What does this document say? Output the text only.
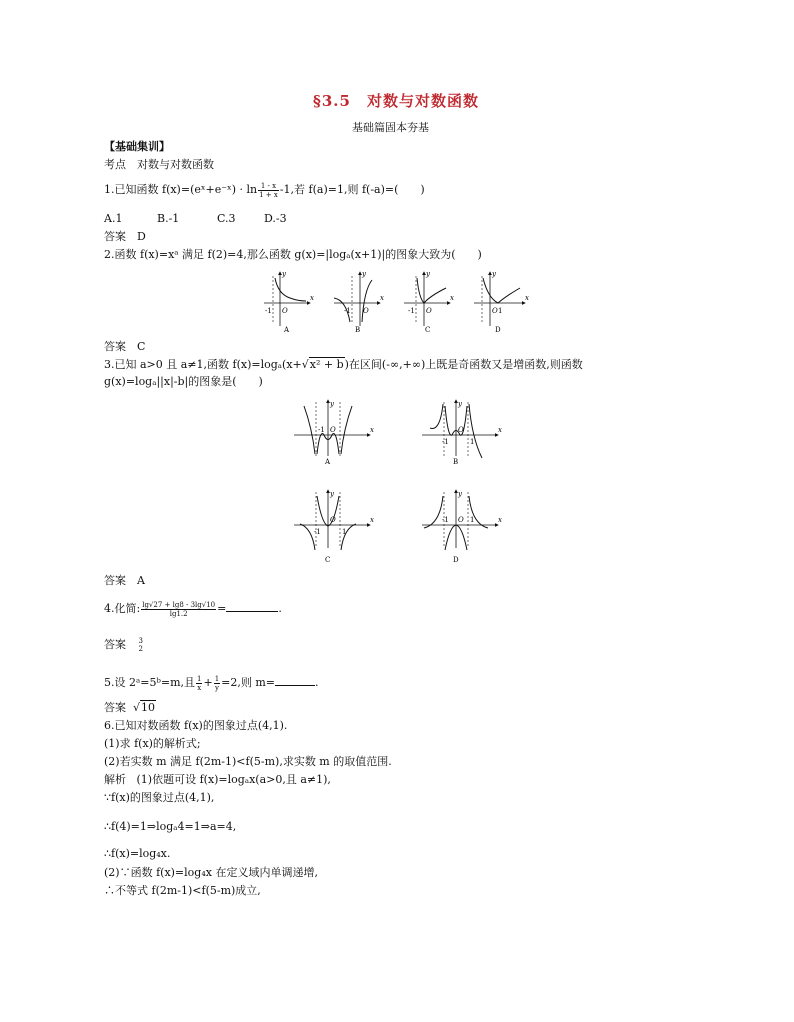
§3.5　对数与对数函数
基础篇固本夯基
【基础集训】
考点　对数与对数函数
1.已知函数 f(x)=(eˣ+e⁻ˣ) · $\ln \frac{1 - x}{1 + x} -1$,若 f(a)=1,则 f(-a)=(　　)
A.1	B.-1	C.3	D.-3
答案　D
2.函数 f(x)=xᵃ 满足 f(2)=4,那么函数 g(x)=|logₐ(x+1)|的图象大致为(　　)
-1 O
x
y
A
-1 O
x
y
B
-1 O
x
y
C
O 1
x
y
D
答案　C
3.已知 a>0 且 a≠1,函数 f(x)=logₐ(x+√x² + b)在区间(-∞,+∞)上既是奇函数又是增函数,则函数
g(x)=logₐ||x|-b|的图象是(　　)
-1 O	x
y
A
-1
O
1
x
y
B
-1
O
1
x
y
C
-1 O 1	x
y
D
答案　A
4.化简: $\frac{\lg√27 + \lg 8 - 3\lg√10}{\lg 1.2}$ =	.
答案 3
2
5.设 2ᵃ=5ᵇ=m,且 $\frac{1}{x} + \frac{1}{y} =2$,则 m=	.
答案  √10
6.已知对数函数 f(x)的图象过点(4,1).
(1)求 f(x)的解析式;
(2)若实数 m 满足 f(2m-1)<f(5-m),求实数 m 的取值范围.
解析 (1)依题可设 f(x)=logₐx(a>0,且 a≠1),
∵f(x)的图象过点(4,1),
∴f(4)=1⇒logₐ4=1⇒a=4,
∴f(x)=log₄x.
(2)∵函数 f(x)=log₄x 在定义域内单调递增,
∴不等式 f(2m-1)<f(5-m)成立,
